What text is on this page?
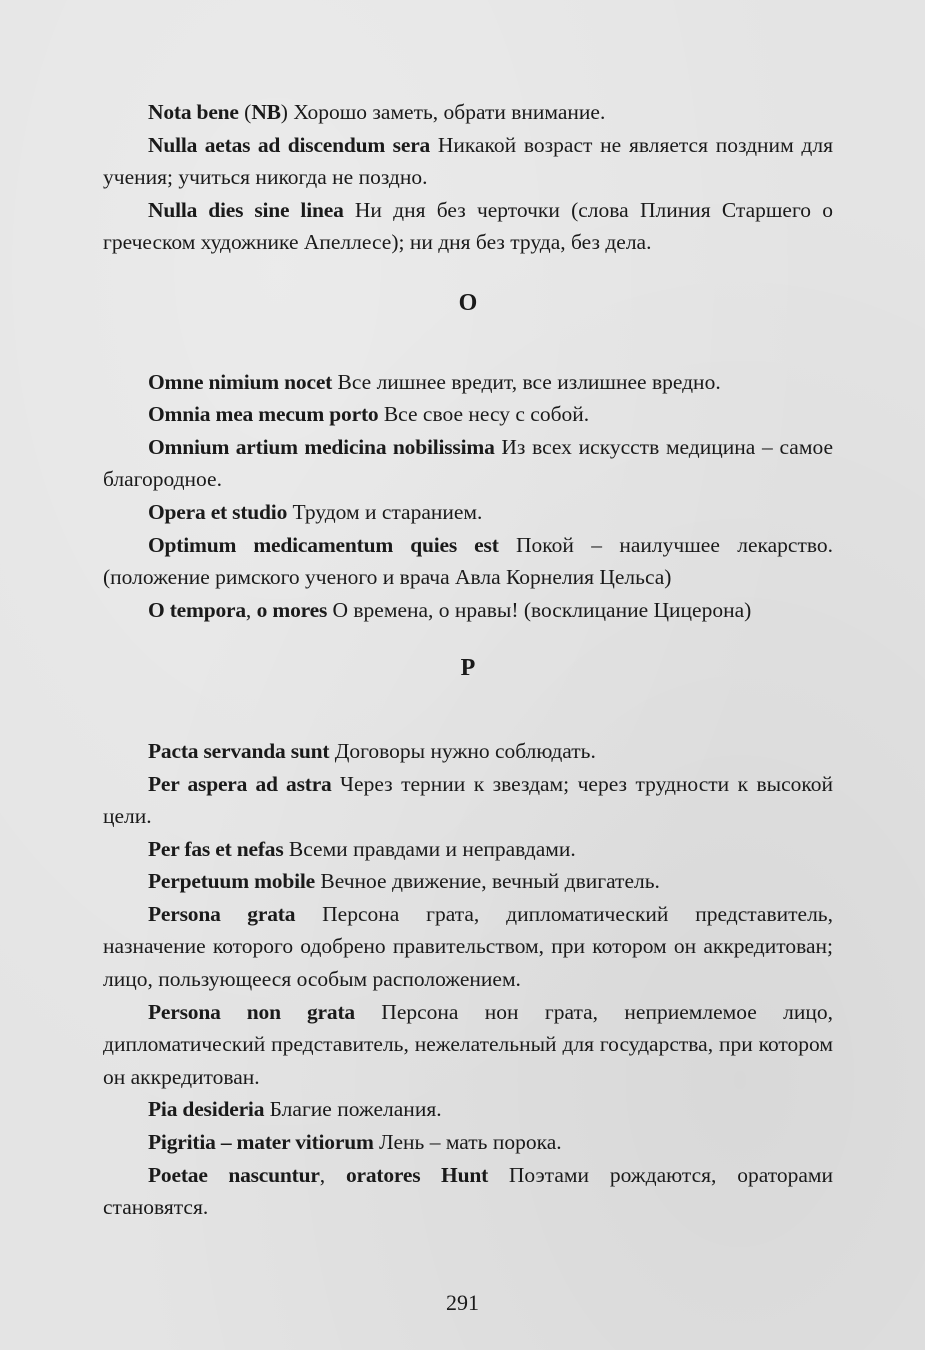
Nota bene (NB) Хорошо заметь, обрати внимание.

Nulla aetas ad discendum sera Никакой возраст не является поздним для учения; учиться никогда не поздно.

Nulla dies sine linea Ни дня без черточки (слова Плиния Старшего о греческом художнике Апеллесе); ни дня без труда, без дела.

O

Omne nimium nocet Все лишнее вредит, все излишнее вредно.

Omnia mea mecum porto Все свое несу с собой.

Omnium artium medicina nobilissima Из всех искусств медицина – самое благородное.

Opera et studio Трудом и старанием.

Optimum medicamentum quies est Покой – наилучшее лекарство. (положение римского ученого и врача Авла Корнелия Цельса)

O tempora, o mores О времена, о нравы! (восклицание Цицерона)

P

Pacta servanda sunt Договоры нужно соблюдать.

Per aspera ad astra Через тернии к звездам; через трудности к высокой цели.

Per fas et nefas Всеми правдами и неправдами.

Perpetuum mobile Вечное движение, вечный двигатель.

Persona grata Персона грата, дипломатический представитель, назначение которого одобрено правительством, при котором он аккредитован; лицо, пользующееся особым расположением.

Persona non grata Персона нон грата, неприемлемое лицо, дипломатический представитель, нежелательный для государства, при котором он аккредитован.

Pia desideria Благие пожелания.

Pigritia – mater vitiorum Лень – мать порока.

Poetae nascuntur, oratores Hunt Поэтами рождаются, ораторами становятся.

291
